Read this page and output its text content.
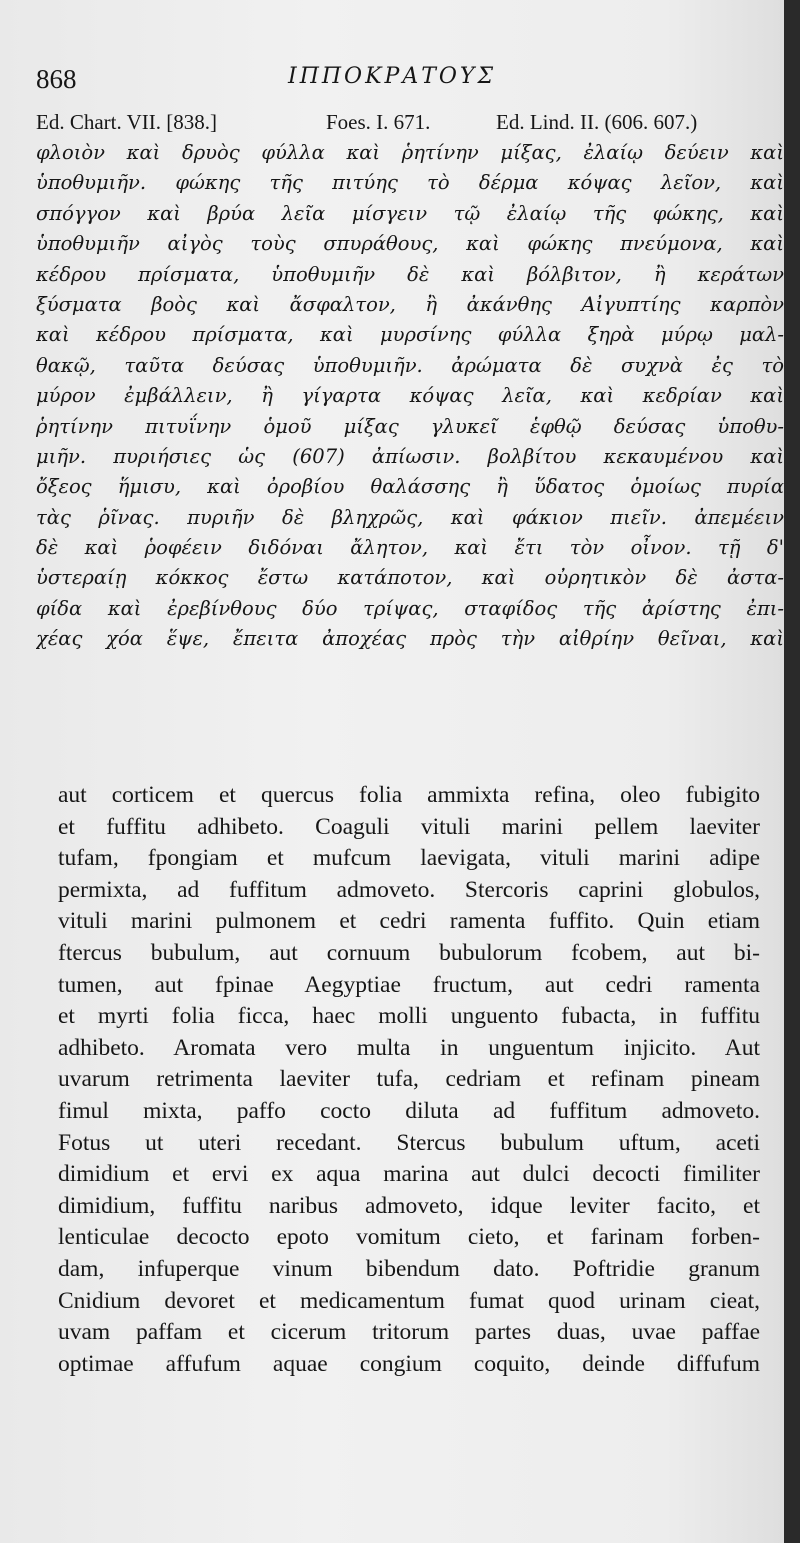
868	ΙΠΠΟΚΡΑΤΟΥΣ
Ed. Chart. VII. [838.]	Foes. I. 671.	Ed. Lind. II. (606. 607.)
φλοιὸν καὶ δρυὸς φύλλα καὶ ῥητίνην μίξας, ἐλαίῳ δεύειν καὶ
ὑποθυμιῆν. φώκης τῆς πιτύης τὸ δέρμα κόψας λεῖον, καὶ
σπόγγον καὶ βρύα λεῖα μίσγειν τῷ ἐλαίῳ τῆς φώκης, καὶ
ὑποθυμιῆν αἰγὸς τοὺς σπυράθους, καὶ φώκης πνεύμονα, καὶ
κέδρου πρίσματα, ὑποθυμιῆν δὲ καὶ βόλβιτον, ἢ κεράτων
ξύσματα βοὸς καὶ ἄσφαλτον, ἢ ἀκάνθης Αἰγυπτίης καρπὸν
καὶ κέδρου πρίσματα, καὶ μυρσίνης φύλλα ξηρὰ μύρῳ μαλ-
θακῷ, ταῦτα δεύσας ὑποθυμιῆν. ἀρώματα δὲ συχνὰ ἐς τὸ
μύρον ἐμβάλλειν, ἢ γίγαρτα κόψας λεῖα, καὶ κεδρίαν καὶ
ῥητίνην πιτυΐνην ὁμοῦ μίξας γλυκεῖ ἑφθῷ δεύσας ὑποθυ-
μιῆν. πυριήσιες ὡς (607) ἀπίωσιν. βολβίτου κεκαυμένου καὶ
ὄξεος ἥμισυ, καὶ ὀροβίου θαλάσσης ἢ ὕδατος ὁμοίως πυρία
τὰς ῥῖνας. πυριῆν δὲ βληχρῶς, καὶ φάκιον πιεῖν. ἀπεμέειν
δὲ καὶ ῥοφέειν διδόναι ἄλητον, καὶ ἔτι τὸν οἶνον. τῇ δ'
ὑστεραίῃ κόκκος ἔστω κατάποτον, καὶ οὐρητικὸν δὲ ἀστα-
φίδα καὶ ἐρεβίνθους δύο τρίψας, σταφίδος τῆς ἀρίστης ἐπι-
χέας χόα ἕψε, ἔπειτα ἀποχέας πρὸς τὴν αἰθρίην θεῖναι, καὶ
aut corticem et quercus folia ammixta refina, oleo fubigito
et fuffitu adhibeto. Coaguli vituli marini pellem laeviter
tufam, fpongiam et mufcum laevigata, vituli marini adipe
permixta, ad fuffitum admoveto. Stercoris caprini globulos,
vituli marini pulmonem et cedri ramenta fuffito. Quin etiam
ftercus bubulum, aut cornuum bubulorum fcobem, aut bi-
tumen, aut fpinae Aegyptiae fructum, aut cedri ramenta
et myrti folia ficca, haec molli unguento fubacta, in fuffitu
adhibeto. Aromata vero multa in unguentum injicito. Aut
uvarum retrimenta laeviter tufa, cedriam et refinam pineam
fimul mixta, paffo cocto diluta ad fuffitum admoveto.
Fotus ut uteri recedant. Stercus bubulum uftum, aceti
dimidium et ervi ex aqua marina aut dulci decocti fimiliter
dimidium, fuffitu naribus admoveto, idque leviter facito, et
lenticulae decocto epoto vomitum cieto, et farinam forben-
dam, infuperque vinum bibendum dato. Poftridie granum
Cnidium devoret et medicamentum fumat quod urinam cieat,
uvam paffam et cicerum tritorum partes duas, uvae paffae
optimae affufum aquae congium coquito, deinde diffufum
